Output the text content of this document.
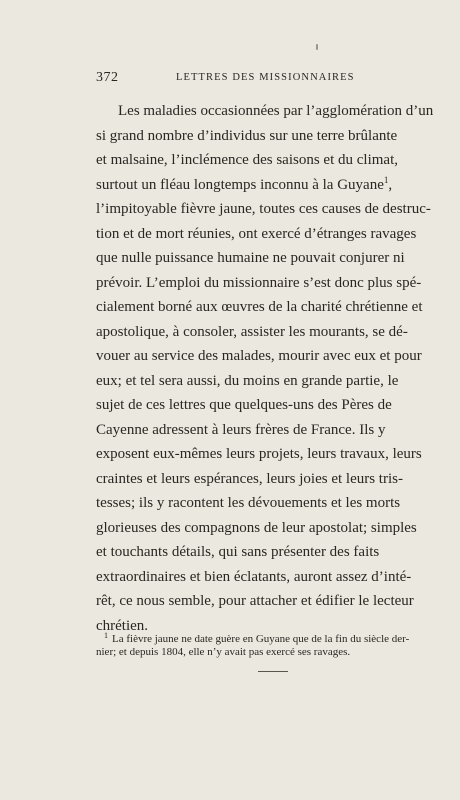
372	LETTRES DES MISSIONNAIRES
Les maladies occasionnées par l’agglomération d’un
si grand nombre d’individus sur une terre brûlante
et malsaine, l’inclémence des saisons et du climat,
surtout un fléau longtemps inconnu à la Guyane$^1$,
l’impitoyable fièvre jaune, toutes ces causes de destruc-
tion et de mort réunies, ont exercé d’étranges ravages
que nulle puissance humaine ne pouvait conjurer ni
prévoir. L’emploi du missionnaire s’est donc plus spé-
cialement borné aux œuvres de la charité chrétienne et
apostolique, à consoler, assister les mourants, se dé-
vouer au service des malades, mourir avec eux et pour
eux; et tel sera aussi, du moins en grande partie, le
sujet de ces lettres que quelques-uns des Pères de
Cayenne adressent à leurs frères de France. Ils y
exposent eux-mêmes leurs projets, leurs travaux, leurs
craintes et leurs espérances, leurs joies et leurs tris-
tesses; ils y racontent les dévouements et les morts
glorieuses des compagnons de leur apostolat; simples
et touchants détails, qui sans présenter des faits
extraordinaires et bien éclatants, auront assez d’inté-
rêt, ce nous semble, pour attacher et édifier le lecteur
chrétien.
$^1$ La fièvre jaune ne date guère en Guyane que de la fin du siècle der-
nier; et depuis 1804, elle n’y avait pas exercé ses ravages.
